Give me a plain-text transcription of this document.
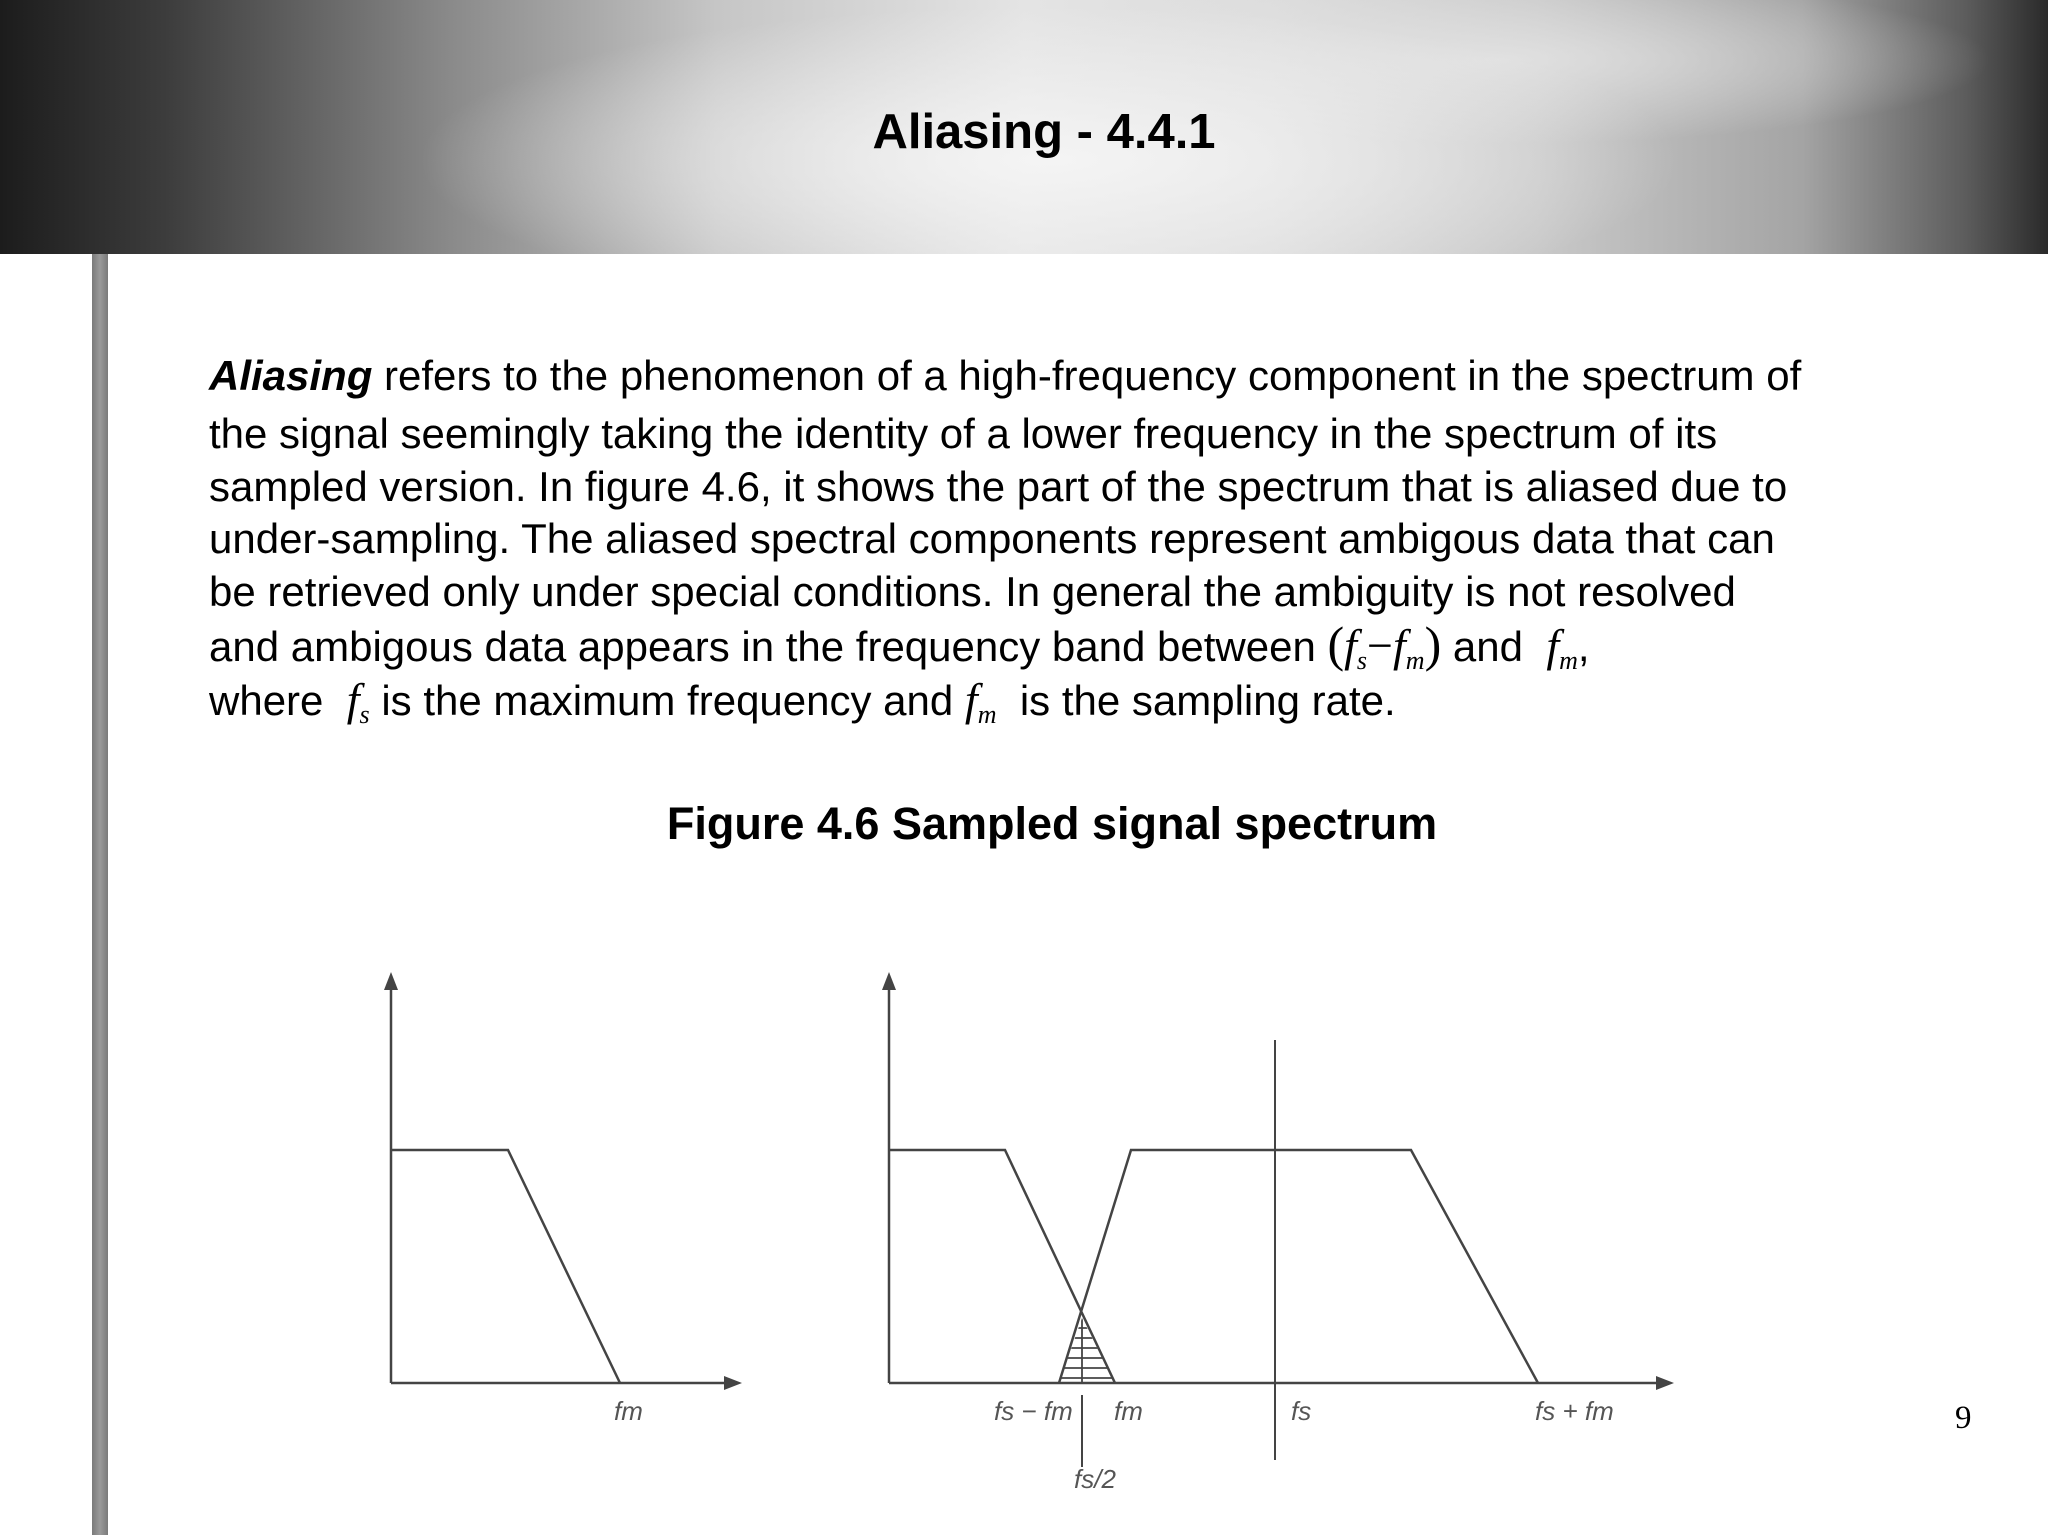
Aliasing - 4.4.1
Aliasing refers to the phenomenon of a high-frequency component in the spectrum of
the signal seemingly taking the identity of a lower frequency in the spectrum of its
sampled version. In figure 4.6, it shows the part of the spectrum that is aliased due to
under-sampling. The aliased spectral components represent ambigous data that can
be retrieved only under special conditions. In general the ambiguity is not resolved
and ambigous data appears in the frequency band between $(f_s-f_m)$ and $f_m$,
where $f_s$ is the maximum frequency and $f_m$ is the sampling rate.
Figure 4.6 Sampled signal spectrum
fm	fs − fm fm	fs	fs + fm
fs/2
9
